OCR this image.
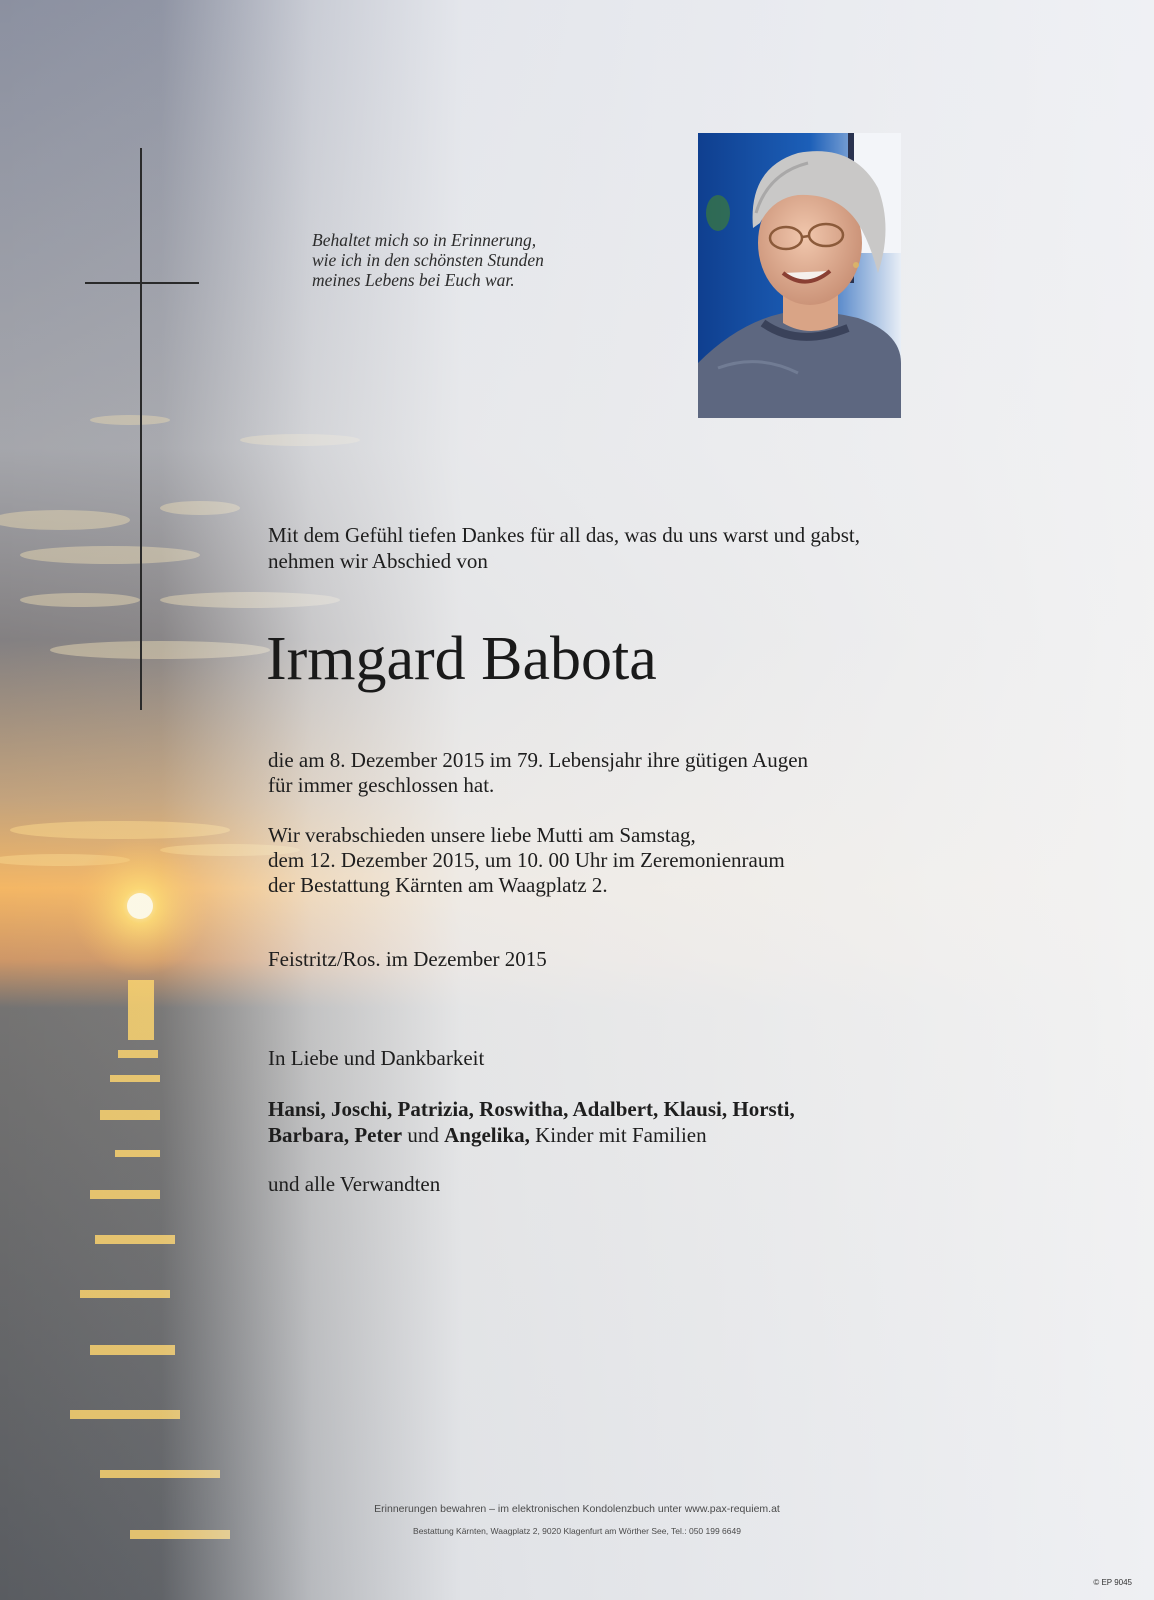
Behaltet mich so in Erinnerung,
wie ich in den schönsten Stunden
meines Lebens bei Euch war.
Mit dem Gefühl tiefen Dankes für all das, was du uns warst und gabst,
nehmen wir Abschied von
Irmgard Babota
die am 8. Dezember 2015 im 79. Lebensjahr ihre gütigen Augen
für immer geschlossen hat.
Wir verabschieden unsere liebe Mutti am Samstag,
dem 12. Dezember 2015, um 10. 00 Uhr im Zeremonienraum
der Bestattung Kärnten am Waagplatz 2.
Feistritz/Ros. im Dezember 2015
In Liebe und Dankbarkeit
Hansi, Joschi, Patrizia, Roswitha, Adalbert, Klausi, Horsti,
Barbara, Peter und Angelika, Kinder mit Familien
und alle Verwandten
Erinnerungen bewahren – im elektronischen Kondolenzbuch unter www.pax-requiem.at
Bestattung Kärnten, Waagplatz 2, 9020 Klagenfurt am Wörther See, Tel.: 050 199 6649
© EP 9045
